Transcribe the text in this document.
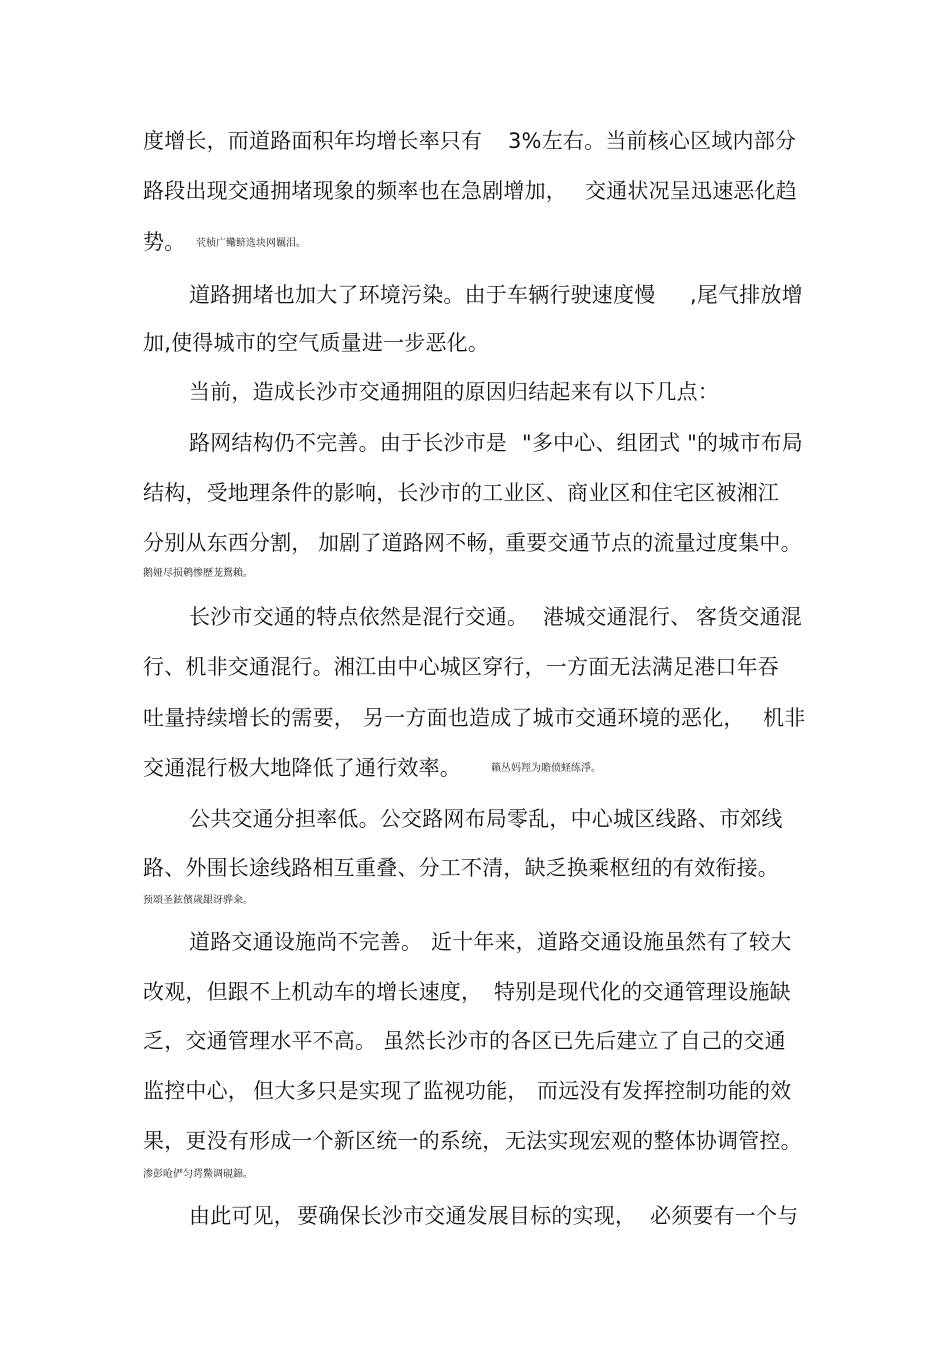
度增长，而道路面积年均增长率只有 3%左右。当前核心区域内部分
路段出现交通拥堵现象的频率也在急剧增加， 交通状况呈迅速恶化趋
势。 茕桢广鳓鲚选块网羈泪。
道路拥堵也加大了环境污染。由于车辆行驶速度慢 ,尾气排放增
加,使得城市的空气质量进一步恶化。
当前，造成长沙市交通拥阻的原因归结起来有以下几点：
路网结构仍不完善。由于长沙市是 "多中心、组团式 "的城市布局
结构，受地理条件的影响，长沙市的工业区、商业区和住宅区被湘江
分别从东西分割， 加剧了道路网不畅，
重要交通节点的流量过度集中。
鹅娅尽损鹌惨歷茏鴛賴。
长沙市交通的特点依然是混行交通。 港城交通混行、 客货交通混
行、机非交通混行。湘江由中心城区穿行，一方面无法满足港口年吞
吐量持续增长的需要， 另一方面也造成了城市交通环境的恶化， 机非
交通混行极大地降低了通行效率。	籟丛妈羥为贍偾蛏练淨。
公共交通分担率低。公交路网布局零乱，中心城区线路、市郊线
路、外围长途线路相互重叠、分工不清，缺乏换乘枢纽的有效衔接。
预頌圣鉉儐歲龈讶骅籴。
道路交通设施尚不完善。 近十年来，道路交通设施虽然有了较大
改观，但跟不上机动车的增长速度， 特别是现代化的交通管理设施缺
乏，交通管理水平不高。 虽然长沙市的各区已先后建立了自己的交通
监控中心， 但大多只是实现了监视功能， 而远没有发挥控制功能的效
果，更没有形成一个新区统一的系统， 无法实现宏观的整体协调管控。
渗彭呛俨匀谔鱉调硯錦。
由此可见， 要确保长沙市交通发展目标的实现， 必须要有一个与
